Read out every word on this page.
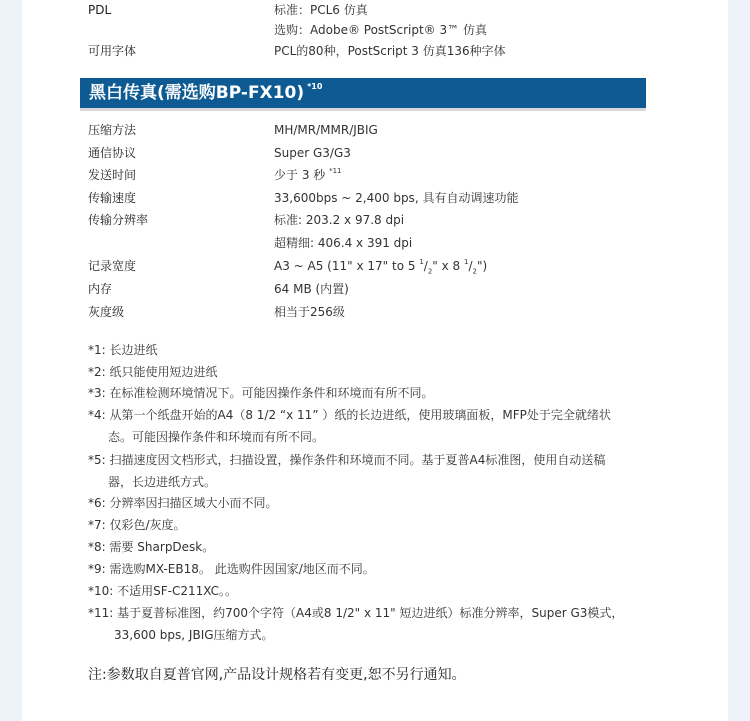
PDL	标准：PCL6 仿真
选购：Adobe® PostScript® 3™ 仿真
可用字体	PCL的80种，PostScript 3 仿真136种字体
黑白传真(需选购BP-FX10) $^{*10}$
压缩方法	MH/MR/MMR/JBIG
通信协议	Super G3/G3
发送时间	少于 3 秒 $^{*11}$
传输速度	33,600bps ~ 2,400 bps, 具有自动调速功能
传输分辨率	标准: 203.2 x 97.8 dpi
超精细: 406.4 x 391 dpi
记录宽度	A3 ~ A5 (11" x 17" to 5 $^1/_2$" x 8 $^1/_2$")
内存	64 MB (内置)
灰度级	相当于256级
*1: 长边进纸
*2: 纸只能使用短边进纸
*3: 在标准检测环境情况下。可能因操作条件和环境而有所不同。
*4: 从第一个纸盘开始的A4（8 1/2 “x 11” ）纸的长边进纸，使用玻璃面板，MFP处于完全就绪状
态。可能因操作条件和环境而有所不同。
*5: 扫描速度因文档形式，扫描设置，操作条件和环境而不同。基于夏普A4标准图，使用自动送稿
器，长边进纸方式。
*6: 分辨率因扫描区域大小而不同。
*7: 仅彩色/灰度。
*8: 需要 SharpDesk。
*9: 需选购MX-EB18。 此选购件因国家/地区而不同。
*10: 不适用SF-C211XC。。
*11: 基于夏普标准图，约700个字符（A4或8 1/2" x 11" 短边进纸）标准分辨率，Super G3模式，
33,600 bps, JBIG压缩方式。
注:参数取自夏普官网,产品设计规格若有变更,恕不另行通知。
